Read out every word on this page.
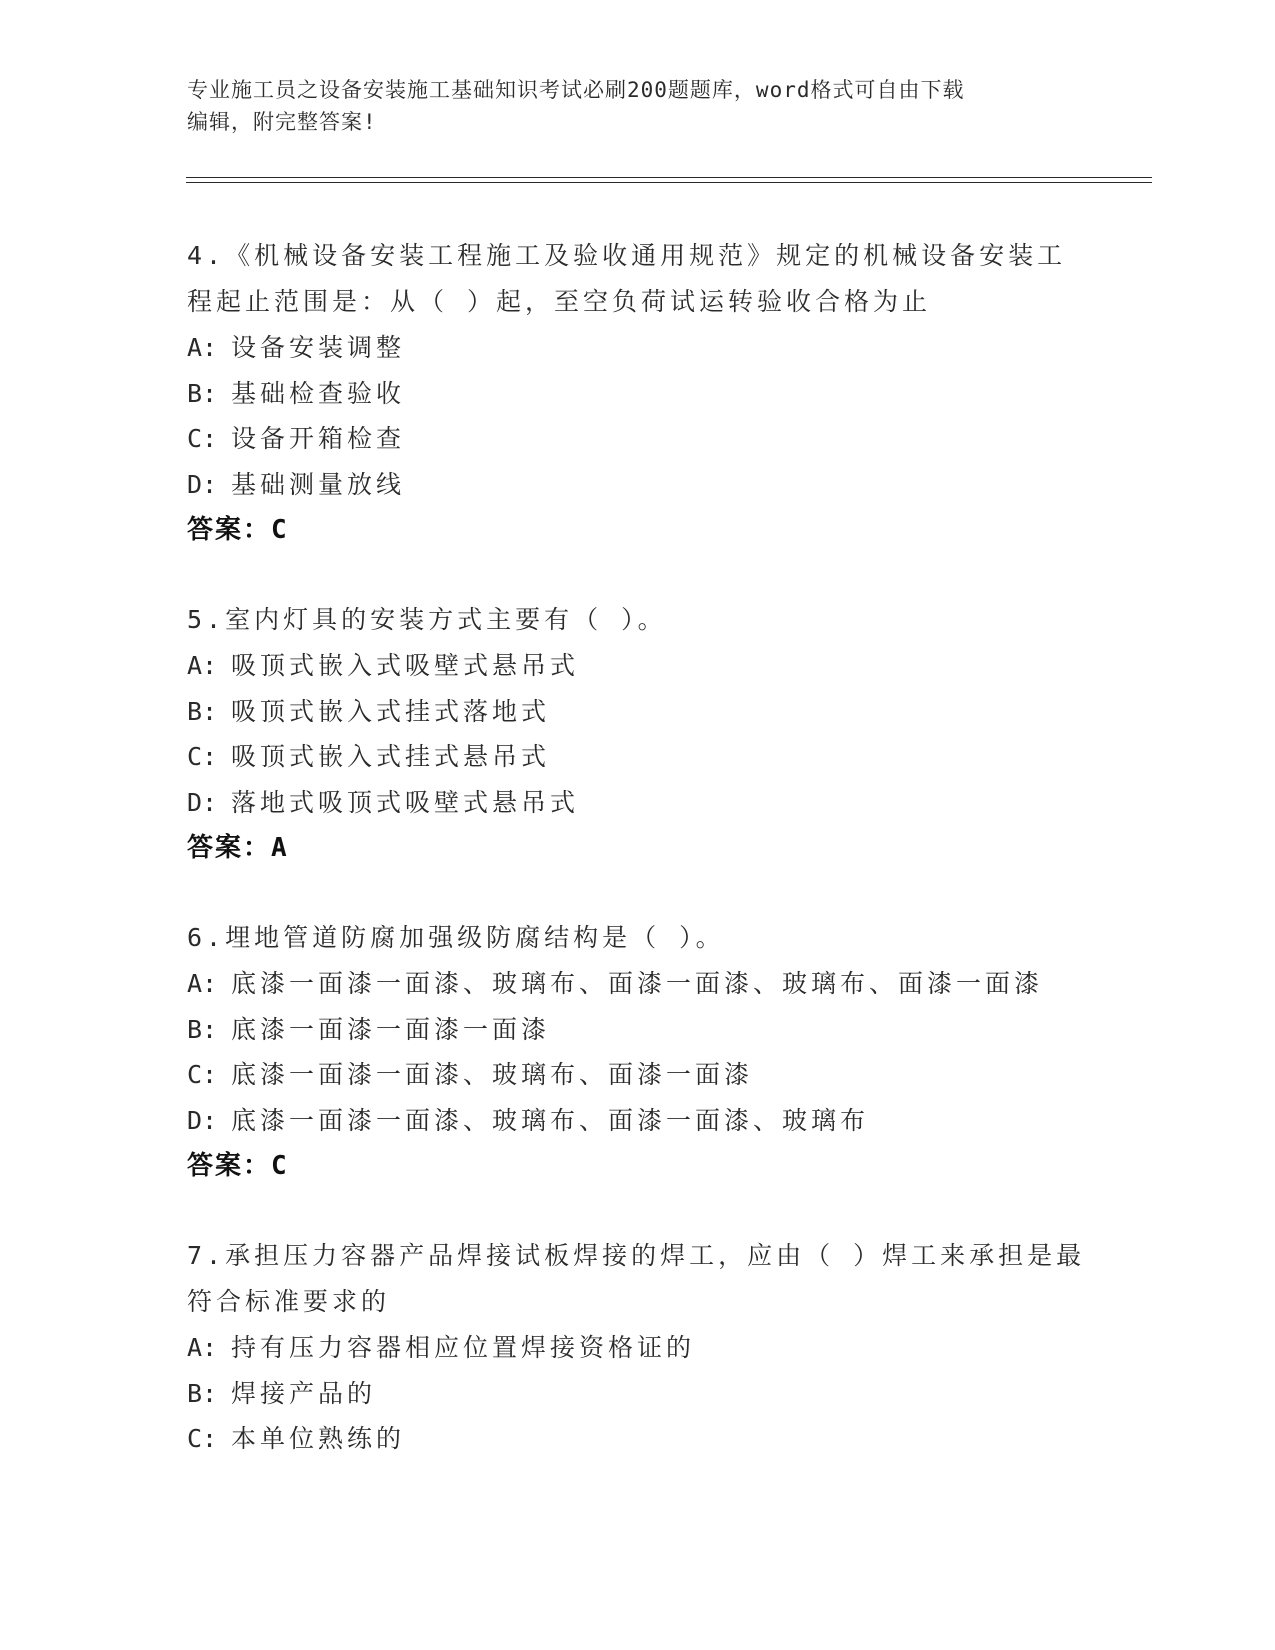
专业施工员之设备安装施工基础知识考试必刷200题题库，word格式可自由下载
编辑，附完整答案!

4.《机械设备安装工程施工及验收通用规范》规定的机械设备安装工

程起止范围是：从（ ）起，至空负荷试运转验收合格为止

A: 设备安装调整

B: 基础检查验收

C: 设备开箱检查

D: 基础测量放线

答案：C

5.室内灯具的安装方式主要有（ ）。

A: 吸顶式嵌入式吸壁式悬吊式

B: 吸顶式嵌入式挂式落地式

C: 吸顶式嵌入式挂式悬吊式

D: 落地式吸顶式吸壁式悬吊式

答案：A

6.埋地管道防腐加强级防腐结构是（ ）。

A: 底漆一面漆一面漆、玻璃布、面漆一面漆、玻璃布、面漆一面漆

B: 底漆一面漆一面漆一面漆

C: 底漆一面漆一面漆、玻璃布、面漆一面漆

D: 底漆一面漆一面漆、玻璃布、面漆一面漆、玻璃布

答案：C

7.承担压力容器产品焊接试板焊接的焊工，应由（ ）焊工来承担是最

符合标准要求的

A: 持有压力容器相应位置焊接资格证的

B: 焊接产品的

C: 本单位熟练的
